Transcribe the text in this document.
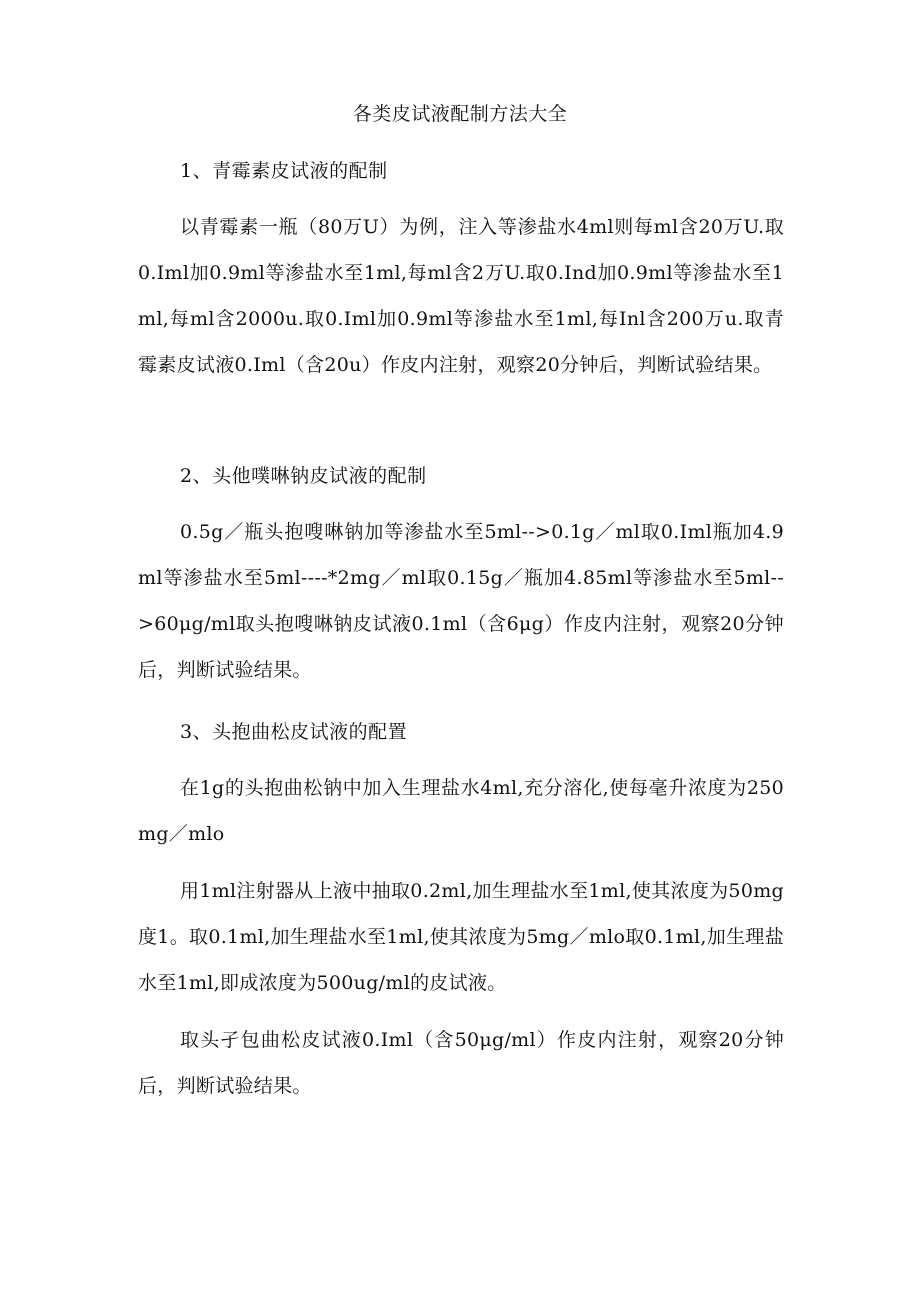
各类皮试液配制方法大全
1、青霉素皮试液的配制
以青霉素一瓶（80万U）为例，注入等渗盐水4ml则每ml含20万U.取0.Iml加0.9ml等渗盐水至1ml,每ml含2万U.取0.Ind加0.9ml等渗盐水至1ml,每ml含2000u.取0.Iml加0.9ml等渗盐水至1ml,每Inl含200万u.取青霉素皮试液0.Iml（含20u）作皮内注射，观察20分钟后，判断试验结果。
2、头他噗啉钠皮试液的配制
0.5g／瓶头抱嗖啉钠加等渗盐水至5ml-->0.1g／ml取0.Iml瓶加4.9ml等渗盐水至5ml----*2mg／ml取0.15g／瓶加4.85ml等渗盐水至5ml-->60μg/ml取头抱嗖啉钠皮试液0.1ml（含6μg）作皮内注射，观察20分钟后，判断试验结果。
3、头抱曲松皮试液的配置
在1g的头抱曲松钠中加入生理盐水4ml,充分溶化,使每毫升浓度为250mg／mlo
用1ml注射器从上液中抽取0.2ml,加生理盐水至1ml,使其浓度为50mg度1。取0.1ml,加生理盐水至1ml,使其浓度为5mg／mlo取0.1ml,加生理盐水至1ml,即成浓度为500ug/ml的皮试液。
取头孑包曲松皮试液0.Iml（含50μg/ml）作皮内注射，观察20分钟后，判断试验结果。
